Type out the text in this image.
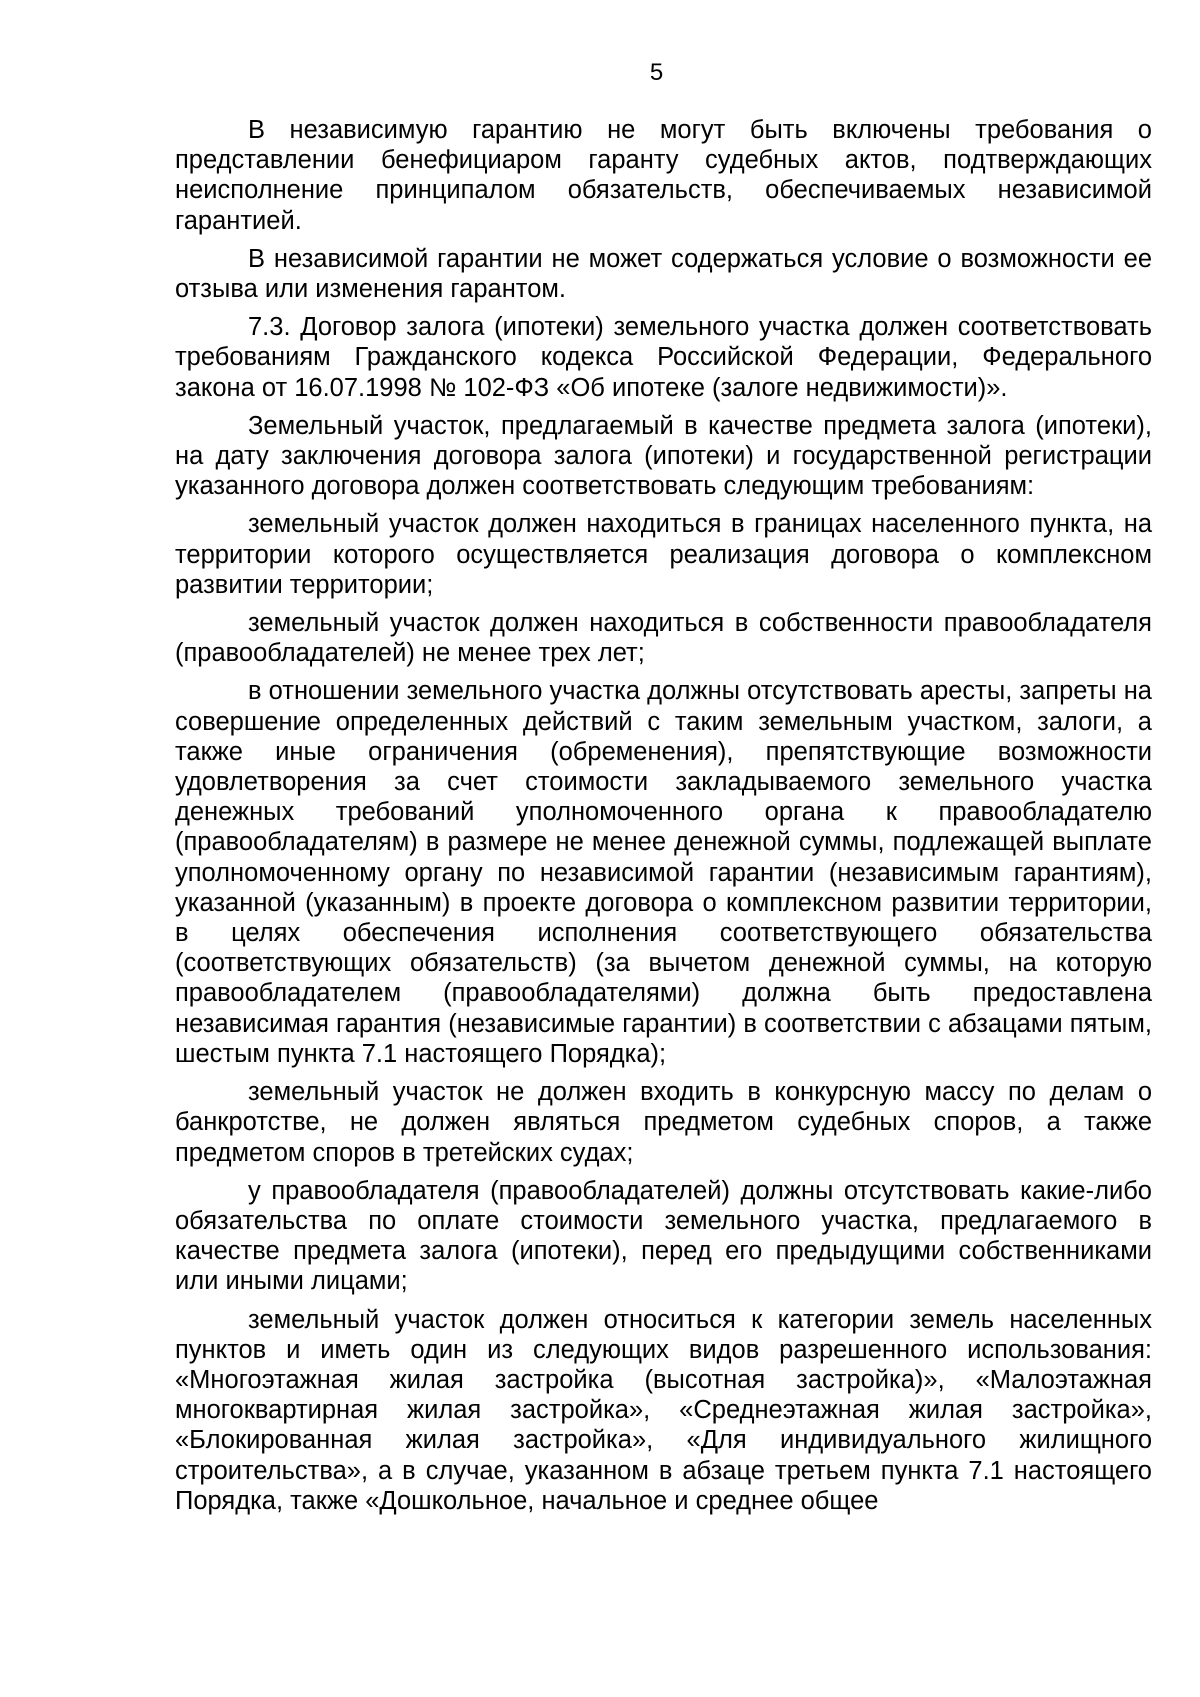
5

В независимую гарантию не могут быть включены требования о представлении бенефициаром гаранту судебных актов, подтверждающих неисполнение принципалом обязательств, обеспечиваемых независимой гарантией.

В независимой гарантии не может содержаться условие о возможности ее отзыва или изменения гарантом.

7.3. Договор залога (ипотеки) земельного участка должен соответствовать требованиям Гражданского кодекса Российской Федерации, Федерального закона от 16.07.1998 № 102-ФЗ «Об ипотеке (залоге недвижимости)».

Земельный участок, предлагаемый в качестве предмета залога (ипотеки), на дату заключения договора залога (ипотеки) и государственной регистрации указанного договора должен соответствовать следующим требованиям:

земельный участок должен находиться в границах населенного пункта, на территории которого осуществляется реализация договора о комплексном развитии территории;

земельный участок должен находиться в собственности правообладателя (правообладателей) не менее трех лет;

в отношении земельного участка должны отсутствовать аресты, запреты на совершение определенных действий с таким земельным участком, залоги, а также иные ограничения (обременения), препятствующие возможности удовлетворения за счет стоимости закладываемого земельного участка денежных требований уполномоченного органа к правообладателю (правообладателям) в размере не менее денежной суммы, подлежащей выплате уполномоченному органу по независимой гарантии (независимым гарантиям), указанной (указанным) в проекте договора о комплексном развитии территории, в целях обеспечения исполнения соответствующего обязательства (соответствующих обязательств) (за вычетом денежной суммы, на которую правообладателем (правообладателями) должна быть предоставлена независимая гарантия (независимые гарантии) в соответствии с абзацами пятым, шестым пункта 7.1 настоящего Порядка);

земельный участок не должен входить в конкурсную массу по делам о банкротстве, не должен являться предметом судебных споров, а также предметом споров в третейских судах;

у правообладателя (правообладателей) должны отсутствовать какие-либо обязательства по оплате стоимости земельного участка, предлагаемого в качестве предмета залога (ипотеки), перед его предыдущими собственниками или иными лицами;

земельный участок должен относиться к категории земель населенных пунктов и иметь один из следующих видов разрешенного использования: «Многоэтажная жилая застройка (высотная застройка)», «Малоэтажная многоквартирная жилая застройка», «Среднеэтажная жилая застройка», «Блокированная жилая застройка», «Для индивидуального жилищного строительства», а в случае, указанном в абзаце третьем пункта 7.1 настоящего Порядка, также «Дошкольное, начальное и среднее общее
